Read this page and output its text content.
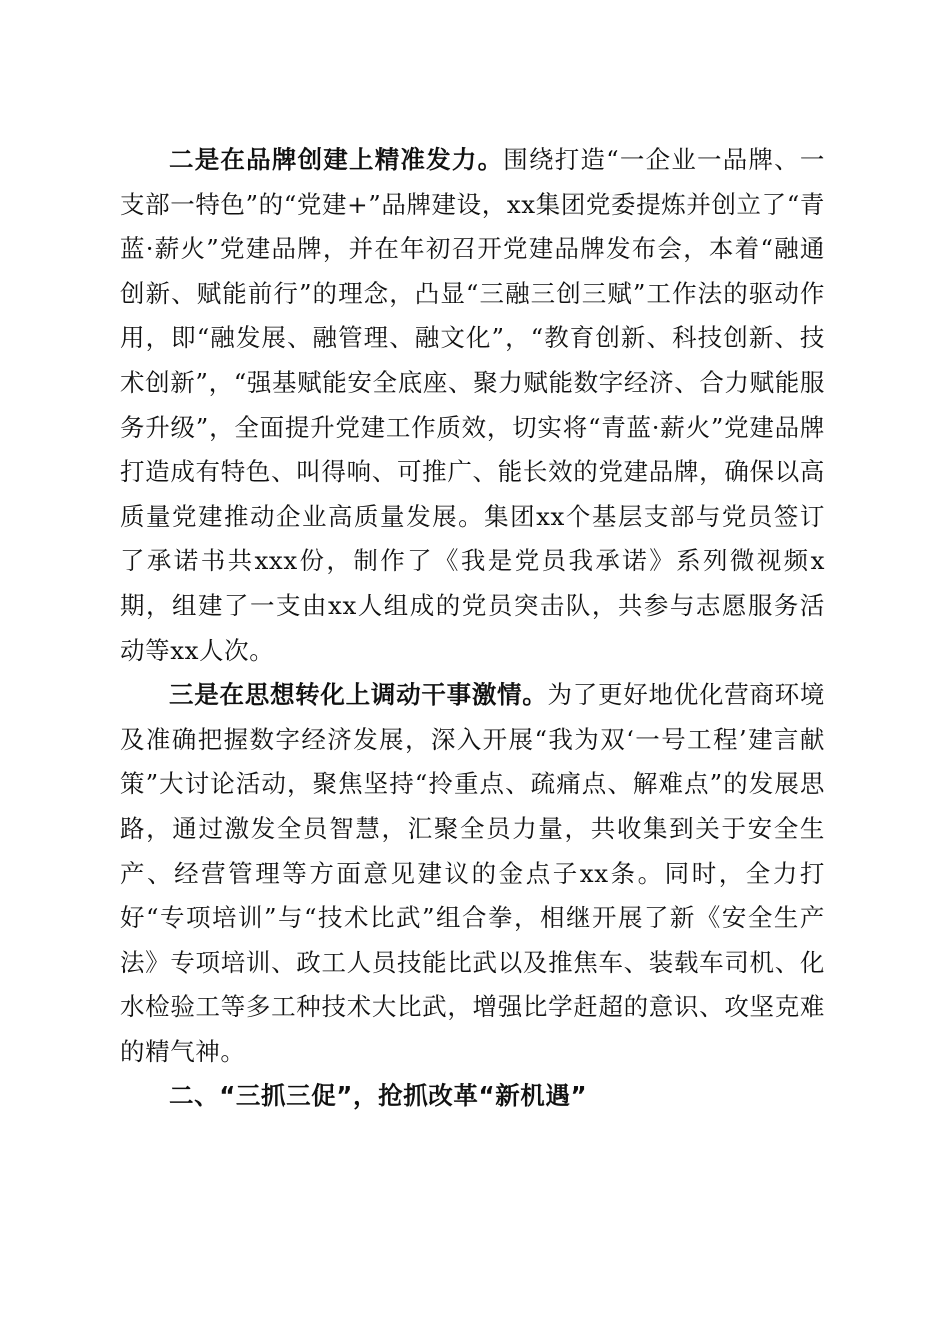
二是在品牌创建上精准发力。围绕打造“一企业一品牌、一支部一特色”的“党建+”品牌建设，xx集团党委提炼并创立了“青蓝·薪火”党建品牌，并在年初召开党建品牌发布会，本着“融通创新、赋能前行”的理念，凸显“三融三创三赋”工作法的驱动作用，即“融发展、融管理、融文化”，“教育创新、科技创新、技术创新”，“强基赋能安全底座、聚力赋能数字经济、合力赋能服务升级”，全面提升党建工作质效，切实将“青蓝·薪火”党建品牌打造成有特色、叫得响、可推广、能长效的党建品牌，确保以高质量党建推动企业高质量发展。集团xx个基层支部与党员签订了承诺书共xxx份，制作了《我是党员我承诺》系列微视频x期，组建了一支由xx人组成的党员突击队，共参与志愿服务活动等xx人次。

三是在思想转化上调动干事激情。为了更好地优化营商环境及准确把握数字经济发展，深入开展“我为双‘一号工程’建言献策”大讨论活动，聚焦坚持“拎重点、疏痛点、解难点”的发展思路，通过激发全员智慧，汇聚全员力量，共收集到关于安全生产、经营管理等方面意见建议的金点子xx条。同时，全力打好“专项培训”与“技术比武”组合拳，相继开展了新《安全生产法》专项培训、政工人员技能比武以及推焦车、装载车司机、化水检验工等多工种技术大比武，增强比学赶超的意识、攻坚克难的精气神。

二、“三抓三促”，抢抓改革“新机遇”
